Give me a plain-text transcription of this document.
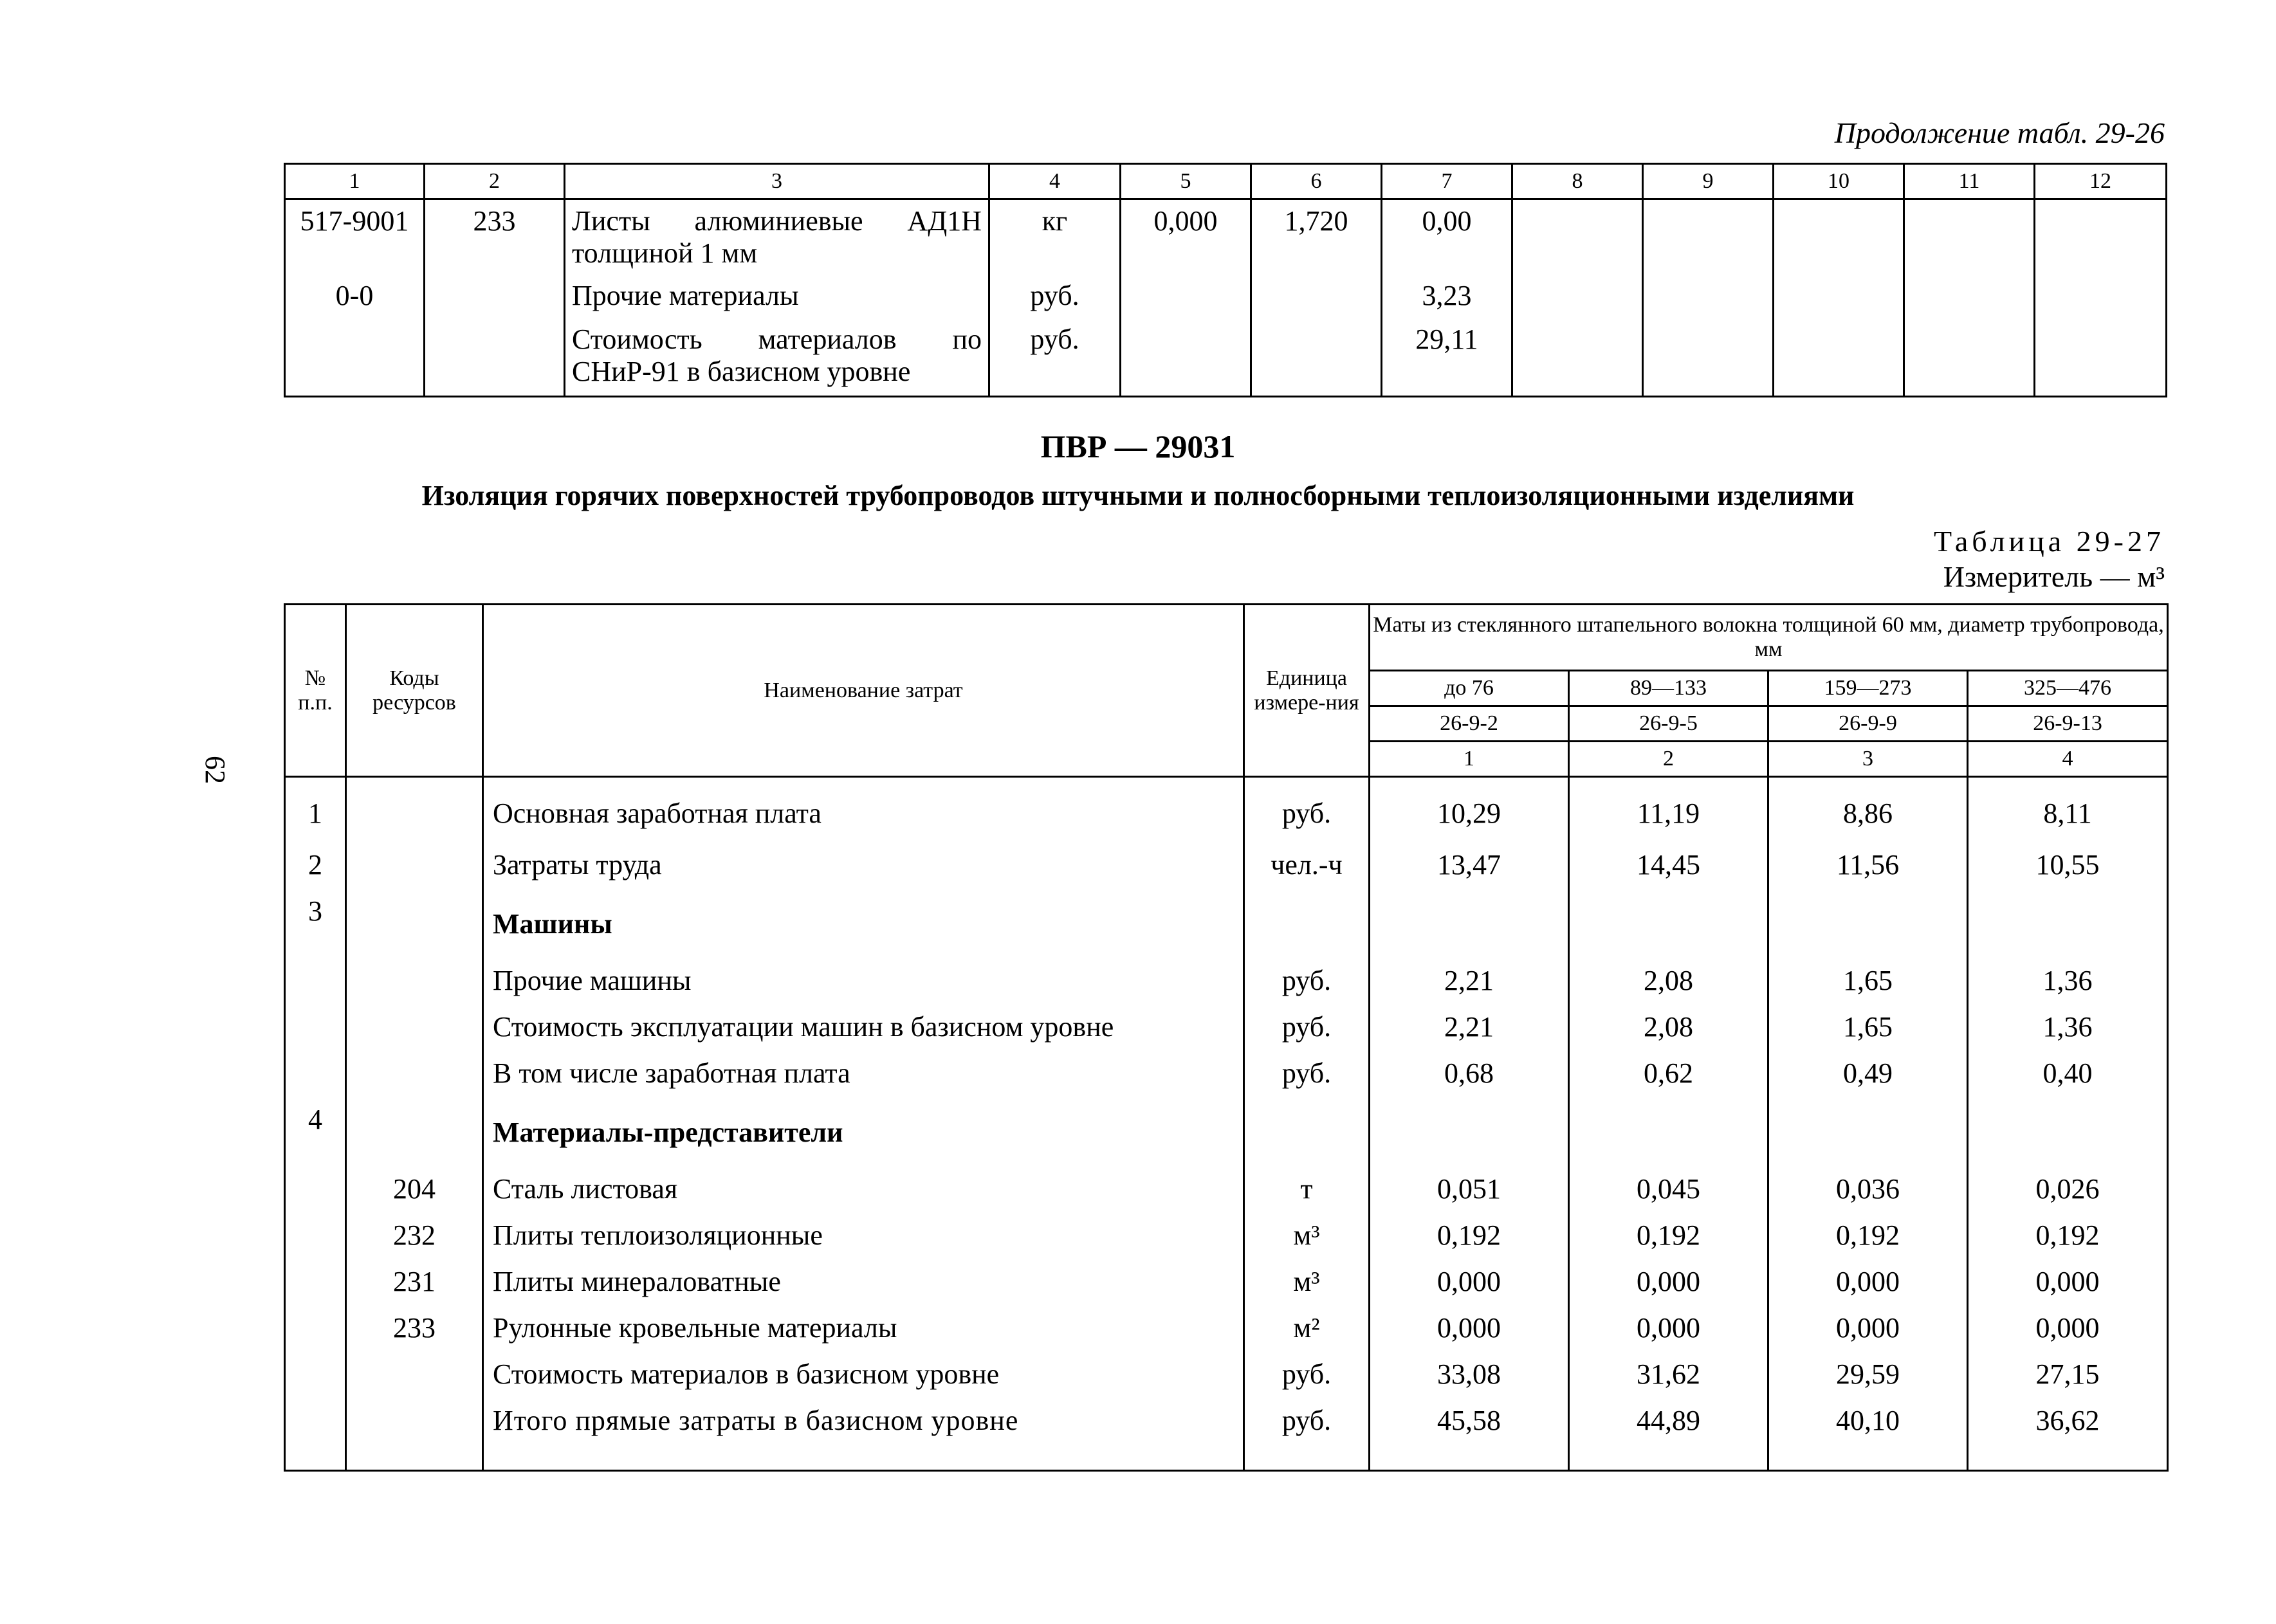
Продолжение табл. 29-26
1	2	3	4	5	6	7	8	9	10	11	12
517-9001	233	Листы алюминиевые АД1Н толщиной 1 мм	кг	0,000	1,720	0,00					
0-0		Прочие материалы	руб.			3,23					
		Стоимость материалов по СНиР-91 в базисном уровне	руб.			29,11					
ПВР — 29031
Изоляция горячих поверхностей трубопроводов штучными и полносборными теплоизоляционными изделиями
Таблица 29-27
Измеритель — м³
62
№ п.п.	Коды ресурсов	Наименование затрат	Единица измере-ния	Маты из стеклянного штапельного волокна толщиной 60 мм, диаметр трубопровода, мм			
				до 76	89—133	159—273	325—476
				26-9-2	26-9-5	26-9-9	26-9-13
				1	2	3	4
1		Основная заработная плата	руб.	10,29	11,19	8,86	8,11
2		Затраты труда	чел.-ч	13,47	14,45	11,56	10,55
3		Машины					
		Прочие машины	руб.	2,21	2,08	1,65	1,36
		Стоимость эксплуатации машин в базисном уровне	руб.	2,21	2,08	1,65	1,36
		В том числе заработная плата	руб.	0,68	0,62	0,49	0,40
4		Материалы-представители					
	204	Сталь листовая	т	0,051	0,045	0,036	0,026
	232	Плиты теплоизоляционные	м³	0,192	0,192	0,192	0,192
	231	Плиты минераловатные	м³	0,000	0,000	0,000	0,000
	233	Рулонные кровельные материалы	м²	0,000	0,000	0,000	0,000
		Стоимость материалов в базисном уровне	руб.	33,08	31,62	29,59	27,15
		Итого прямые затраты в базисном уровне	руб.	45,58	44,89	40,10	36,62
